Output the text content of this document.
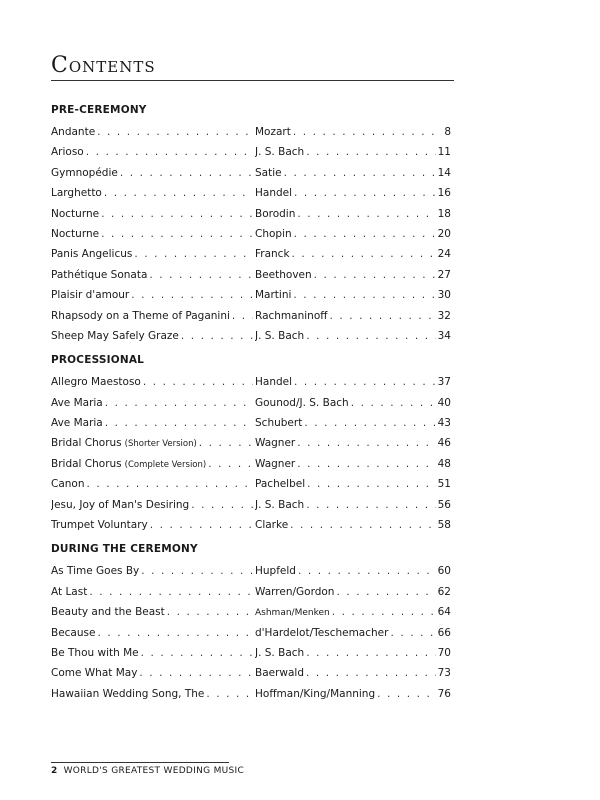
Contents
PRE-CEREMONY
Andante . . .	Mozart . . .	8
Arioso . . .	J. S. Bach . . .	11
Gymnopédie . . .	Satie . . .	14
Larghetto . . .	Handel . . .	16
Nocturne . . .	Borodin . . .	18
Nocturne . . .	Chopin . . .	20
Panis Angelicus . . .	Franck . . .	24
Pathétique Sonata . . .	Beethoven . . .	27
Plaisir d'amour . . .	Martini . . .	30
Rhapsody on a Theme of Paganini . . . Rachmaninoff . . .	32
Sheep May Safely Graze . . .	J. S. Bach . . .	34
PROCESSIONAL
Allegro Maestoso . . .	Handel . . .	37
Ave Maria . . .	Gounod/J. S. Bach . . .	40
Ave Maria . . .	Schubert . . .	43
Bridal Chorus (Shorter Version) . . .	Wagner . . .	46
Bridal Chorus (Complete Version) . . .	Wagner . . .	48
Canon . . .	Pachelbel . . .	51
Jesu, Joy of Man's Desiring . . .	J. S. Bach . . .	56
Trumpet Voluntary . . .	Clarke . . .	58
DURING THE CEREMONY
As Time Goes By . . .	Hupfeld . . .	60
At Last . . .	Warren/Gordon . . .	62
Beauty and the Beast . . .	Ashman/Menken . . .	64
Because . . .	d'Hardelot/Teschemacher . . .	66
Be Thou with Me . . .	J. S. Bach . . .	70
Come What May . . .	Baerwald . . .	73
Hawaiian Wedding Song, The . . .	Hoffman/King/Manning . . .	76
2 WORLD'S GREATEST WEDDING MUSIC
